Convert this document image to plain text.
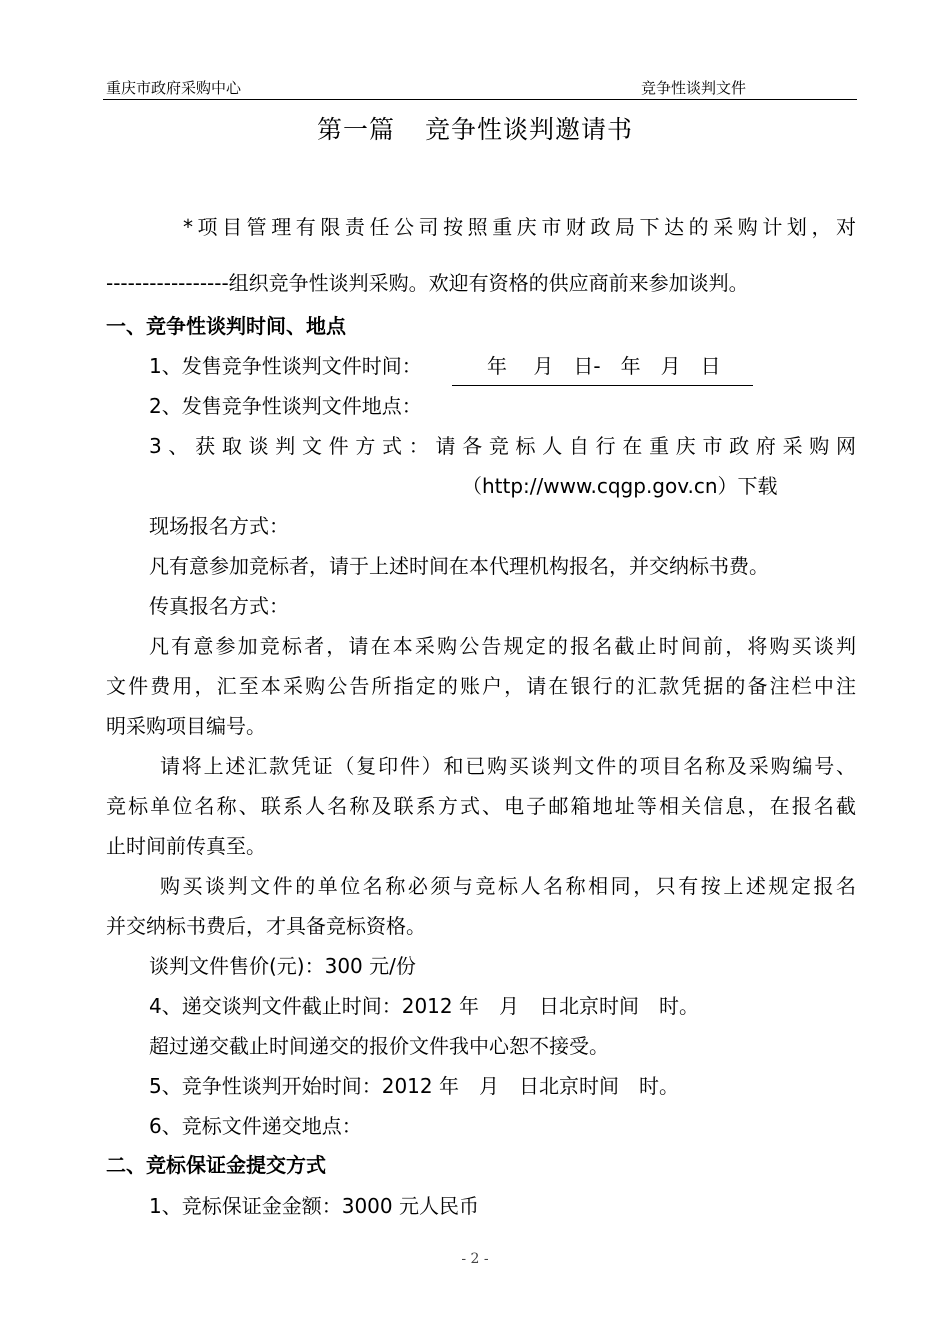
重庆市政府采购中心	竞争性谈判文件
第一篇 竞争性谈判邀请书
*项目管理有限责任公司按照重庆市财政局下达的采购计划，对
-----------------组织竞争性谈判采购。欢迎有资格的供应商前来参加谈判。
一、竞争性谈判时间、地点
1、发售竞争性谈判文件时间：	年　 月　日-　年　月　日
2、发售竞争性谈判文件地点：
3、获取谈判文件方式：请各竞标人自行在重庆市政府采购网
（http://www.cqgp.gov.cn）下载
现场报名方式：
凡有意参加竞标者，请于上述时间在本代理机构报名，并交纳标书费。
传真报名方式：
凡有意参加竞标者，请在本采购公告规定的报名截止时间前，将购买谈判
文件费用，汇至本采购公告所指定的账户，请在银行的汇款凭据的备注栏中注
明采购项目编号。
请将上述汇款凭证（复印件）和已购买谈判文件的项目名称及采购编号、
竞标单位名称、联系人名称及联系方式、电子邮箱地址等相关信息，在报名截
止时间前传真至。
购买谈判文件的单位名称必须与竞标人名称相同，只有按上述规定报名
并交纳标书费后，才具备竞标资格。
谈判文件售价(元)：300 元/份
4、递交谈判文件截止时间：2012 年　月　日北京时间　时。
超过递交截止时间递交的报价文件我中心恕不接受。
5、竞争性谈判开始时间：2012 年　月　日北京时间　时。
6、竞标文件递交地点：
二、竞标保证金提交方式
1、竞标保证金金额：3000 元人民币
- 2 -
